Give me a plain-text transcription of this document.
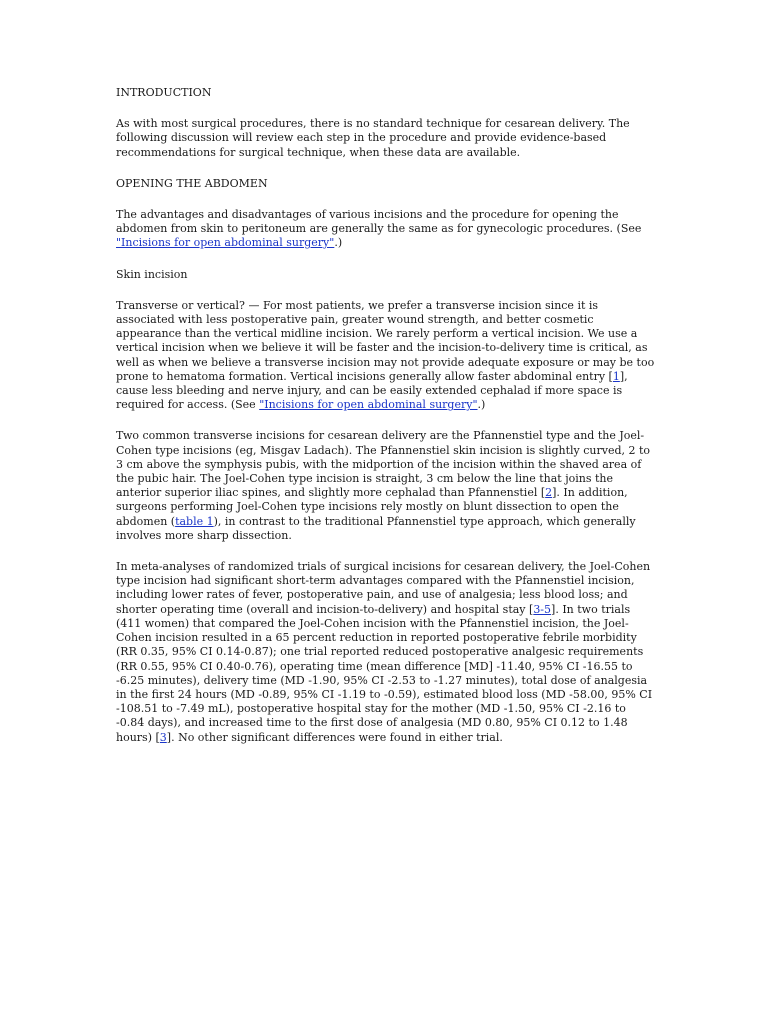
INTRODUCTION

As with most surgical procedures, there is no standard technique for cesarean delivery. The following discussion will review each step in the procedure and provide evidence-based recommendations for surgical technique, when these data are available.

OPENING THE ABDOMEN

The advantages and disadvantages of various incisions and the procedure for opening the abdomen from skin to peritoneum are generally the same as for gynecologic procedures. (See "Incisions for open abdominal surgery".)

Skin incision

Transverse or vertical? — For most patients, we prefer a transverse incision since it is associated with less postoperative pain, greater wound strength, and better cosmetic appearance than the vertical midline incision. We rarely perform a vertical incision. We use a vertical incision when we believe it will be faster and the incision-to-delivery time is critical, as well as when we believe a transverse incision may not provide adequate exposure or may be too prone to hematoma formation. Vertical incisions generally allow faster abdominal entry [1], cause less bleeding and nerve injury, and can be easily extended cephalad if more space is required for access. (See "Incisions for open abdominal surgery".)

Two common transverse incisions for cesarean delivery are the Pfannenstiel type and the Joel-Cohen type incisions (eg, Misgav Ladach). The Pfannenstiel skin incision is slightly curved, 2 to 3 cm above the symphysis pubis, with the midportion of the incision within the shaved area of the pubic hair. The Joel-Cohen type incision is straight, 3 cm below the line that joins the anterior superior iliac spines, and slightly more cephalad than Pfannenstiel [2]. In addition, surgeons performing Joel-Cohen type incisions rely mostly on blunt dissection to open the abdomen (table 1), in contrast to the traditional Pfannenstiel type approach, which generally involves more sharp dissection.

In meta-analyses of randomized trials of surgical incisions for cesarean delivery, the Joel-Cohen type incision had significant short-term advantages compared with the Pfannenstiel incision, including lower rates of fever, postoperative pain, and use of analgesia; less blood loss; and shorter operating time (overall and incision-to-delivery) and hospital stay [3-5]. In two trials (411 women) that compared the Joel-Cohen incision with the Pfannenstiel incision, the Joel-Cohen incision resulted in a 65 percent reduction in reported postoperative febrile morbidity (RR 0.35, 95% CI 0.14-0.87); one trial reported reduced postoperative analgesic requirements (RR 0.55, 95% CI 0.40-0.76), operating time (mean difference [MD] -11.40, 95% CI -16.55 to -6.25 minutes), delivery time (MD -1.90, 95% CI -2.53 to -1.27 minutes), total dose of analgesia in the first 24 hours (MD -0.89, 95% CI -1.19 to -0.59), estimated blood loss (MD -58.00, 95% CI -108.51 to -7.49 mL), postoperative hospital stay for the mother (MD -1.50, 95% CI -2.16 to -0.84 days), and increased time to the first dose of analgesia (MD 0.80, 95% CI 0.12 to 1.48 hours) [3]. No other significant differences were found in either trial.
